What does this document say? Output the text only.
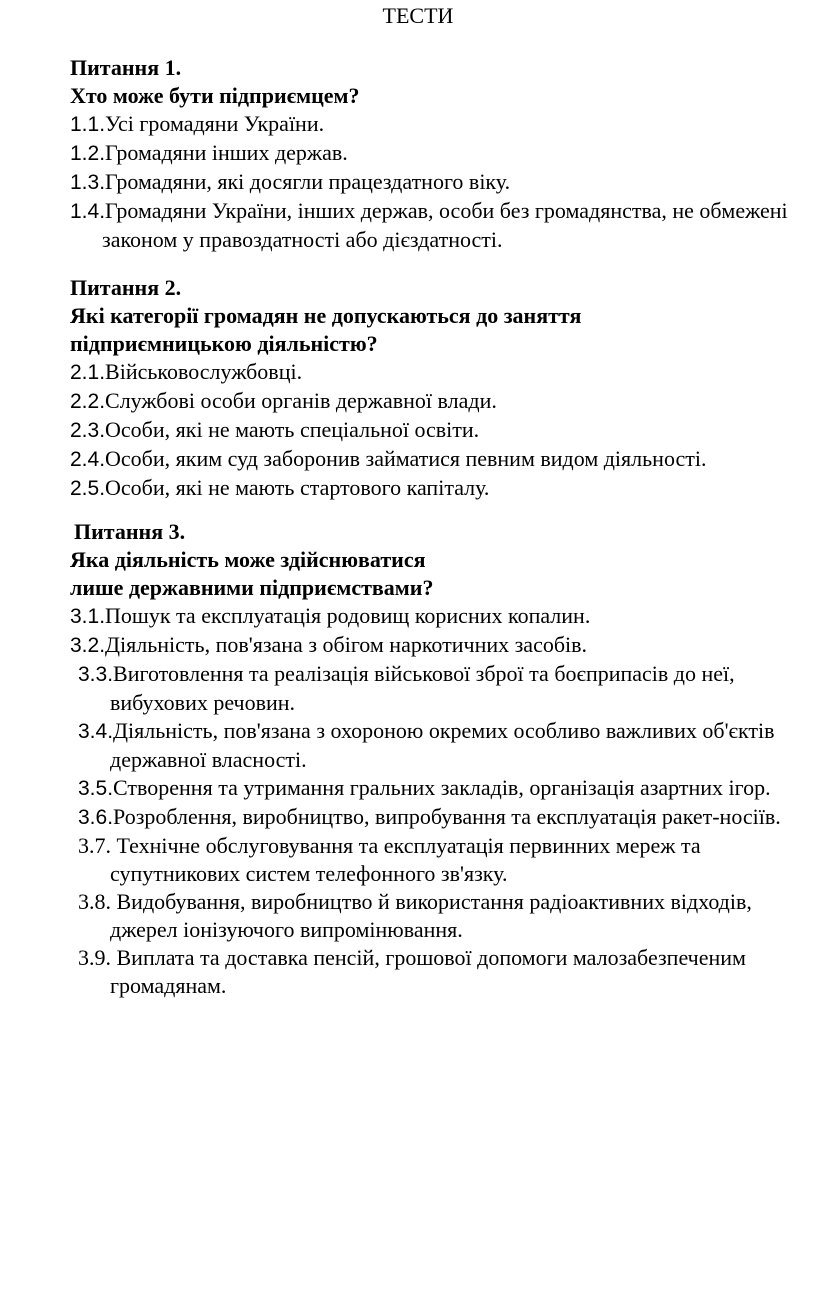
ТЕСТИ
Питання 1.
Хто може бути підприємцем?
1.1.Усі громадяни України.
1.2.Громадяни інших держав.
1.3.Громадяни, які досягли працездатного віку.
1.4.Громадяни України, інших держав, особи без громадянства, не обмежені законом у правоздатності або дієздатності.
Питання 2.
Які категорії громадян не допускаються до заняття
підприємницькою діяльністю?
2.1.Військовослужбовці.
2.2.Службові особи органів державної влади.
2.3.Особи, які не мають спеціальної освіти.
2.4.Особи, яким суд заборонив займатися певним видом діяльності.
2.5.Особи, які не мають стартового капіталу.
Питання 3.
Яка діяльність може здійснюватися
лише державними підприємствами?
3.1.Пошук та експлуатація родовищ корисних копалин.
3.2.Діяльність, пов'язана з обігом наркотичних засобів.
3.3.Виготовлення та реалізація військової зброї та боєприпасів до неї, вибухових речовин.
3.4.Діяльність, пов'язана з охороною окремих особливо важливих об'єктів державної власності.
3.5.Створення та утримання гральних закладів, організація азартних ігор.
3.6.Розроблення, виробництво, випробування та експлуатація ракет-носіїв.
3.7. Технічне обслуговування та експлуатація первинних мереж та супутникових систем телефонного зв'язку.
3.8. Видобування, виробництво й використання радіоактивних відходів, джерел іонізуючого випромінювання.
3.9. Виплата та доставка пенсій, грошової допомоги малозабезпеченим громадянам.
